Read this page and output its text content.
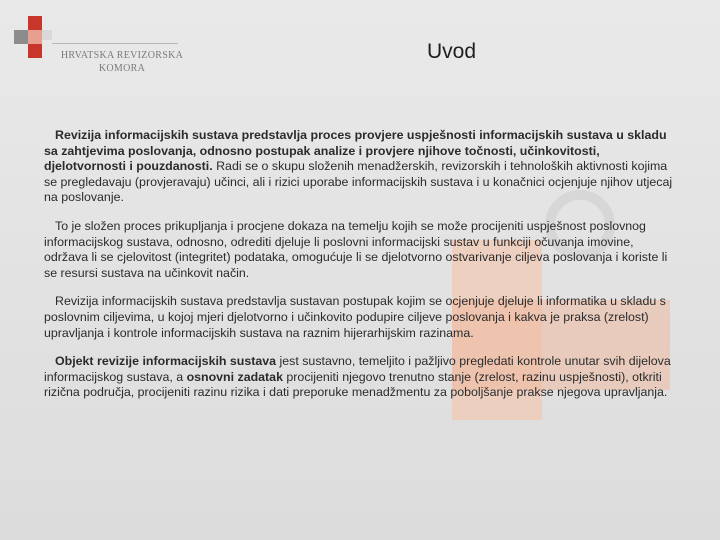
HRVATSKA REVIZORSKA
KOMORA
Uvod

Revizija informacijskih sustava predstavlja proces provjere uspješnosti informacijskih sustava u skladu sa zahtjevima poslovanja, odnosno postupak analize i provjere njihove točnosti, učinkovitosti, djelotvornosti i pouzdanosti. Radi se o skupu složenih menadžerskih, revizorskih i tehnoloških aktivnosti kojima se pregledavaju (provjeravaju) učinci, ali i rizici uporabe informacijskih sustava i u konačnici ocjenjuje njihov utjecaj na poslovanje.

To je složen proces prikupljanja i procjene dokaza na temelju kojih se može procijeniti uspješnost poslovnog informacijskog sustava, odnosno, odrediti djeluje li poslovni informacijski sustav u funkciji očuvanja imovine, održava li se cjelovitost (integritet) podataka, omogućuje li se djelotvorno ostvarivanje ciljeva poslovanja i koriste li se resursi sustava na učinkovit način.

Revizija informacijskih sustava predstavlja sustavan postupak kojim se ocjenjuje djeluje li informatika u skladu s poslovnim ciljevima, u kojoj mjeri djelotvorno i učinkovito podupire ciljeve poslovanja i kakva je praksa (zrelost) upravljanja i kontrole informacijskih sustava na raznim hijerarhijskim razinama.

Objekt revizije informacijskih sustava jest sustavno, temeljito i pažljivo pregledati kontrole unutar svih dijelova informacijskog sustava, a osnovni zadatak procijeniti njegovo trenutno stanje (zrelost, razinu uspješnosti), otkriti rizična područja, procijeniti razinu rizika i dati preporuke menadžmentu za poboljšanje prakse njegova upravljanja.
